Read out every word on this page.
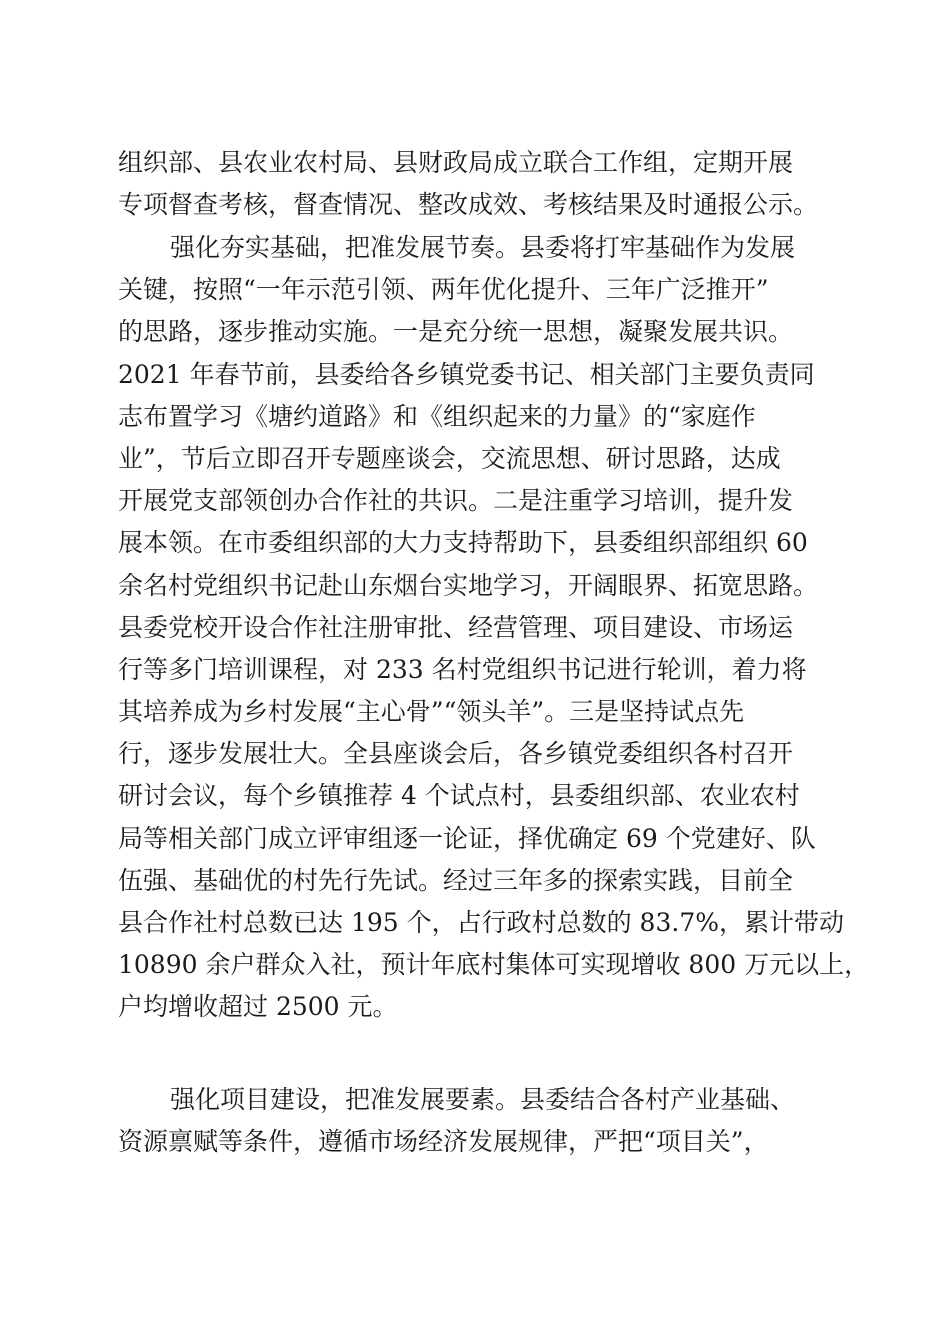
组织部、县农业农村局、县财政局成立联合工作组，定期开展
专项督查考核，督查情况、整改成效、考核结果及时通报公示。
强化夯实基础，把准发展节奏。县委将打牢基础作为发展
关键，按照“一年示范引领、两年优化提升、三年广泛推开”
的思路，逐步推动实施。一是充分统一思想，凝聚发展共识。
2021 年春节前，县委给各乡镇党委书记、相关部门主要负责同
志布置学习《塘约道路》和《组织起来的力量》的“家庭作
业”，节后立即召开专题座谈会，交流思想、研讨思路，达成
开展党支部领创办合作社的共识。二是注重学习培训，提升发
展本领。在市委组织部的大力支持帮助下，县委组织部组织 60
余名村党组织书记赴山东烟台实地学习，开阔眼界、拓宽思路。
县委党校开设合作社注册审批、经营管理、项目建设、市场运
行等多门培训课程，对 233 名村党组织书记进行轮训，着力将
其培养成为乡村发展“主心骨”“领头羊”。三是坚持试点先
行，逐步发展壮大。全县座谈会后，各乡镇党委组织各村召开
研讨会议，每个乡镇推荐 4 个试点村，县委组织部、农业农村
局等相关部门成立评审组逐一论证，择优确定 69 个党建好、队
伍强、基础优的村先行先试。经过三年多的探索实践，目前全
县合作社村总数已达 195 个，占行政村总数的 83.7%，累计带动
10890 余户群众入社，预计年底村集体可实现增收 800 万元以上，
户均增收超过 2500 元。
强化项目建设，把准发展要素。县委结合各村产业基础、
资源禀赋等条件，遵循市场经济发展规律，严把“项目关”，
